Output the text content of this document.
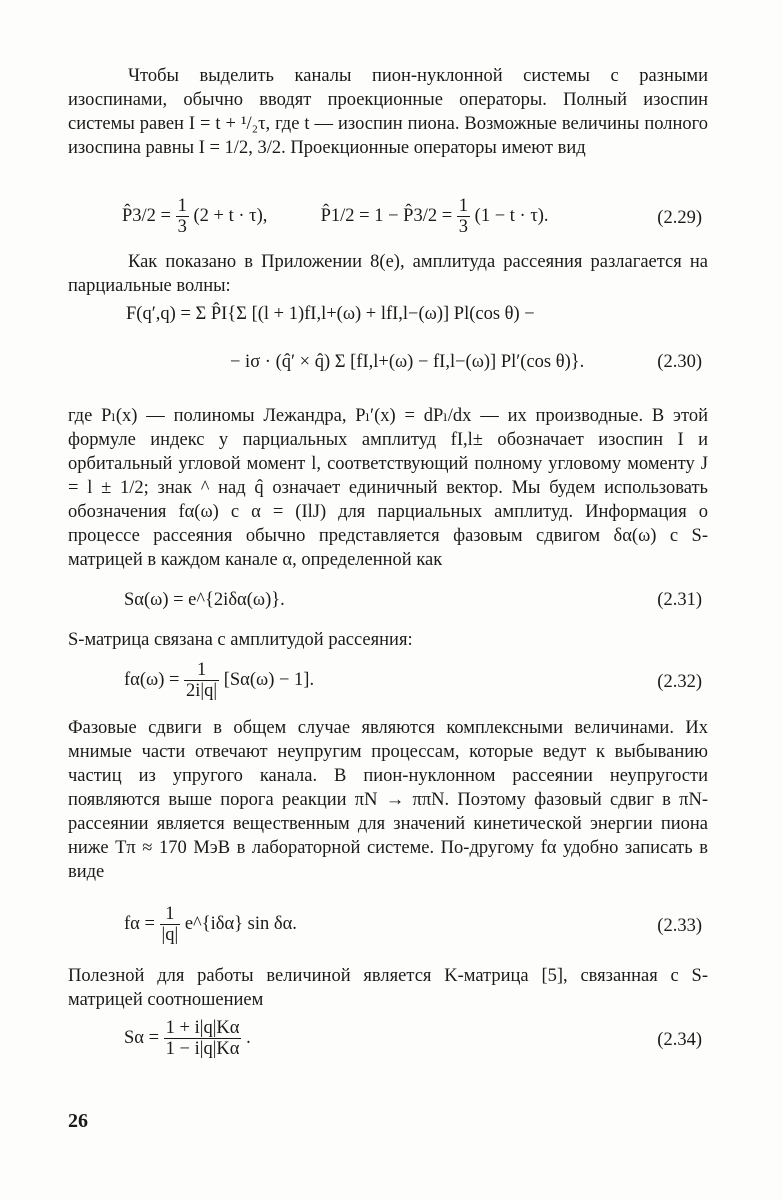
Чтобы выделить каналы пион-нуклонной системы с разными изоспинами, обычно вводят проекционные операторы. Полный изоспин системы равен I = t + ¹/₂τ, где t — изоспин пиона. Возможные величины полного изоспина равны I = 1/2, 3/2. Проекционные операторы имеют вид

P̂3/2 = $\frac{1}{3} (2 + t \cdot \tau)$,	P̂1/2 = 1 − P̂3/2 = $\frac{1}{3} (1 - t \cdot \tau)$.	(2.29)

Как показано в Приложении 8(е), амплитуда рассеяния разлагается на парциальные волны:

F(q′,q) = Σ P̂I{Σ [(l + 1)fI,l+(ω) + lfI,l−(ω)] Pl(cos θ) −
− iσ · (q̂′ × q̂) Σ [fI,l+(ω) − fI,l−(ω)] Pl′(cos θ)}.	(2.30)

где Pₗ(x) — полиномы Лежандра, Pₗ′(x) = dPₗ/dx — их производные. В этой формуле индекс у парциальных амплитуд fI,l± обозначает изоспин I и орбитальный угловой момент l, соответствующий полному угловому моменту J = l ± 1/2; знак ^ над q̂ означает единичный вектор. Мы будем использовать обозначения fα(ω) с α = (IlJ) для парциальных амплитуд. Информация о процессе рассеяния обычно представляется фазовым сдвигом δα(ω) с S-матрицей в каждом канале α, определенной как

Sα(ω) = e^{2iδα(ω)}.	(2.31)

S-матрица связана с амплитудой рассеяния:

$f\alpha(\omega) = \frac{1}{2i|q|} [S\alpha(\omega) - 1]$.	(2.32)

Фазовые сдвиги в общем случае являются комплексными величинами. Их мнимые части отвечают неупругим процессам, которые ведут к выбыванию частиц из упругого канала. В пион-нуклонном рассеянии неупругости появляются выше порога реакции πN → ππN. Поэтому фазовый сдвиг в πN-рассеянии является вещественным для значений кинетической энергии пиона ниже Tπ ≈ 170 МэВ в лабораторной системе. По-другому fα удобно записать в виде

$f\alpha = \frac{1}{|q|}$ e^{iδα} sin δα.	(2.33)

Полезной для работы величиной является K-матрица [5], связанная с S-матрицей соотношением

$S\alpha = \frac{1 + i|q|K\alpha}{1 - i|q|K\alpha}$ .	(2.34)
26
